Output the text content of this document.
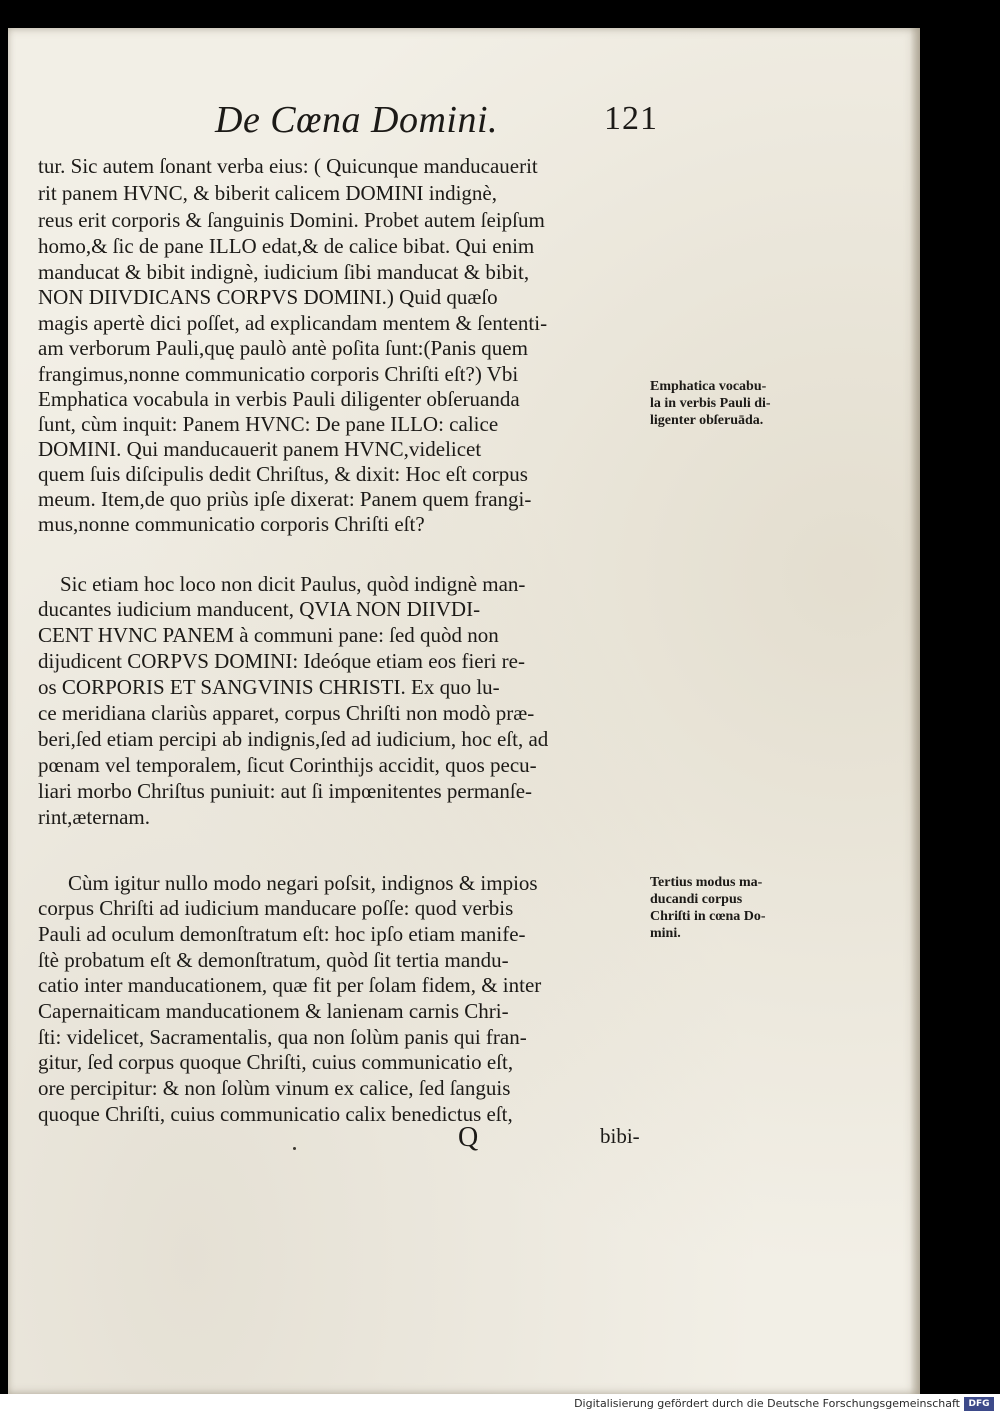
De Cœna Domini.	121
tur. Sic autem ſonant verba eius: ( Quicunque manducauerit
rit panem HVNC, & biberit calicem DOMINI indignè,
reus erit corporis & ſanguinis Domini. Probet autem ſeipſum
homo,& ſic de pane ILLO edat,& de calice bibat. Qui enim
manducat & bibit indignè, iudicium ſibi manducat & bibit,
NON DIIVDICANS CORPVS DOMINI.) Quid quæſo
magis apertè dici poſſet, ad explicandam mentem & ſententi-
am verborum Pauli,quę paulò antè poſita ſunt:(Panis quem
frangimus,nonne communicatio corporis Chriſti eſt?) Vbi
Emphatica vocabula in verbis Pauli diligenter obſeruanda
ſunt, cùm inquit: Panem HVNC: De pane ILLO: calice
DOMINI. Qui manducauerit panem HVNC,videlicet
quem ſuis diſcipulis dedit Chriſtus, & dixit: Hoc eſt corpus
meum. Item,de quo priùs ipſe dixerat: Panem quem frangi-
mus,nonne communicatio corporis Chriſti eſt?
Sic etiam hoc loco non dicit Paulus, quòd indignè man-
ducantes iudicium manducent, QVIA NON DIIVDI-
CENT HVNC PANEM à communi pane: ſed quòd non
dijudicent CORPVS DOMINI: Ideóque etiam eos fieri re-
os CORPORIS ET SANGVINIS CHRISTI. Ex quo lu-
ce meridiana clariùs apparet, corpus Chriſti non modò præ-
beri,ſed etiam percipi ab indignis,ſed ad iudicium, hoc eſt, ad
pœnam vel temporalem, ſicut Corinthijs accidit, quos pecu-
liari morbo Chriſtus puniuit: aut ſi impœnitentes permanſe-
rint,æternam.
Cùm igitur nullo modo negari poſsit, indignos & impios
corpus Chriſti ad iudicium manducare poſſe: quod verbis
Pauli ad oculum demonſtratum eſt: hoc ipſo etiam manife-
ſtè probatum eſt & demonſtratum, quòd ſit tertia mandu-
catio inter manducationem, quæ fit per ſolam fidem, & inter
Capernaiticam manducationem & lanienam carnis Chri-
ſti: videlicet, Sacramentalis, qua non ſolùm panis qui fran-
gitur, ſed corpus quoque Chriſti, cuius communicatio eſt,
ore percipitur: & non ſolùm vinum ex calice, ſed ſanguis
quoque Chriſti, cuius communicatio calix benedictus eſt,
Emphatica vocabu-
la in verbis Pauli di-
ligenter obſeruāda.
Tertius modus ma-
ducandi corpus
Chriſti in cœna Do-
mini.
Q	bibi-
Digitalisierung gefördert durch die Deutsche Forschungsgemeinschaft DFG
